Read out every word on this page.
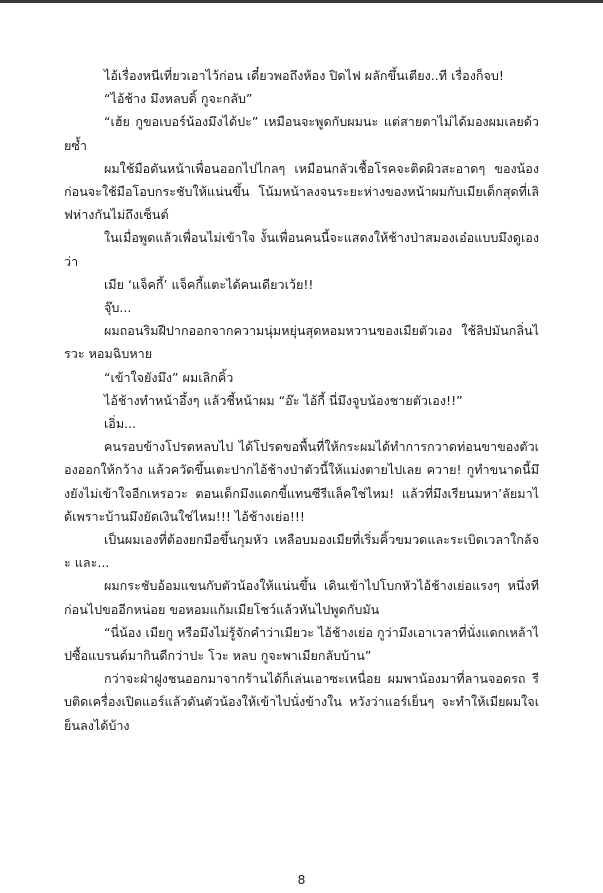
ไอ้เรื่องหนีเที่ยวเอาไว้ก่อน เดี๋ยวพอถึงห้อง ปิดไฟ ผลักขึ้นเตียง..ที เรื่องก็จบ!

“ไอ้ช้าง มึงหลบดิ้ กูจะกลับ”

“เฮ้ย กูขอเบอร์น้องมึงได้ปะ” เหมือนจะพูดกับผมนะ แต่สายตาไม่ได้มองผมเลยด้วยซ้ำ

ผมใช้มือดันหน้าเพื่อนออกไปไกลๆ เหมือนกลัวเชื้อโรคจะติดผิวสะอาดๆ ของน้อง ก่อนจะใช้มือโอบกระชับให้แน่นขึ้น โน้มหน้าลงจนระยะห่างของหน้าผมกับเมียเด็กสุดที่เลิฟห่างกันไม่ถึงเซ็นต์

ในเมื่อพูดแล้วเพื่อนไม่เข้าใจ งั้นเพื่อนคนนี้จะแสดงให้ช้างป่าสมองเอ๋อแบบมึงดูเองว่า

เมีย ‘แจ็คกี้’ แจ็คกี้แตะได้คนเดียวเว้ย!!

จุ๊บ...

ผมถอนริมฝีปากออกจากความนุ่มหยุ่นสุดหอมหวานของเมียตัวเอง ใช้ลิปมันกลิ่นไรวะ หอมฉิบหาย

“เข้าใจยังมึง” ผมเลิกคิ้ว

ไอ้ช้างทำหน้าอึ้งๆ แล้วชี้หน้าผม “อ๊ะ ไอ้กี้ นี่มึงจูบน้องชายตัวเอง!!”

เอิ่ม...

คนรอบข้างโปรดหลบไป ได้โปรดขอพื้นที่ให้กระผมได้ทำการกวาดท่อนขาของตัวเองออกให้กว้าง แล้วควัดขึ้นเตะปากไอ้ช้างป่าตัวนี้ให้แม่งตายไปเลย ควาย! กูทำขนาดนี้มึงยังไม่เข้าใจอีกเหรอวะ ตอนเด็กมึงแดกขี้แทนซีรีแล็คใช่ไหม! แล้วที่มึงเรียนมหา’ลัยมาได้เพราะบ้านมึงยัดเงินใช่ไหม!!! ไอ้ช้างเย่อ!!!

เป็นผมเองที่ต้องยกมือขึ้นกุมหัว เหลือบมองเมียที่เริ่มคิ้วขมวดและระเบิดเวลาใกล้จะ และ...

ผมกระชับอ้อมแขนกับตัวน้องให้แน่นขึ้น เดินเข้าไปโบกหัวไอ้ช้างเย่อแรงๆ หนึ่งที ก่อนไปขออีกหน่อย ขอหอมแก้มเมียโชว์แล้วหันไปพูดกับมัน

“นี่น้อง เมียกู หรือมึงไม่รู้จักคำว่าเมียวะ ไอ้ช้างเย่อ กูว่ามึงเอาเวลาที่นั่งแดกเหล้าไปซื้อแบรนด์มากินดีกว่าปะ โวะ หลบ กูจะพาเมียกลับบ้าน”

กว่าจะฝ่าฝูงชนออกมาจากร้านได้ก็เล่นเอาซะเหนื่อย ผมพาน้องมาที่ลานจอดรถ รีบติดเครื่องเปิดแอร์แล้วดันตัวน้องให้เข้าไปนั่งข้างใน หวังว่าแอร์เย็นๆ จะทำให้เมียผมใจเย็นลงได้บ้าง

8
